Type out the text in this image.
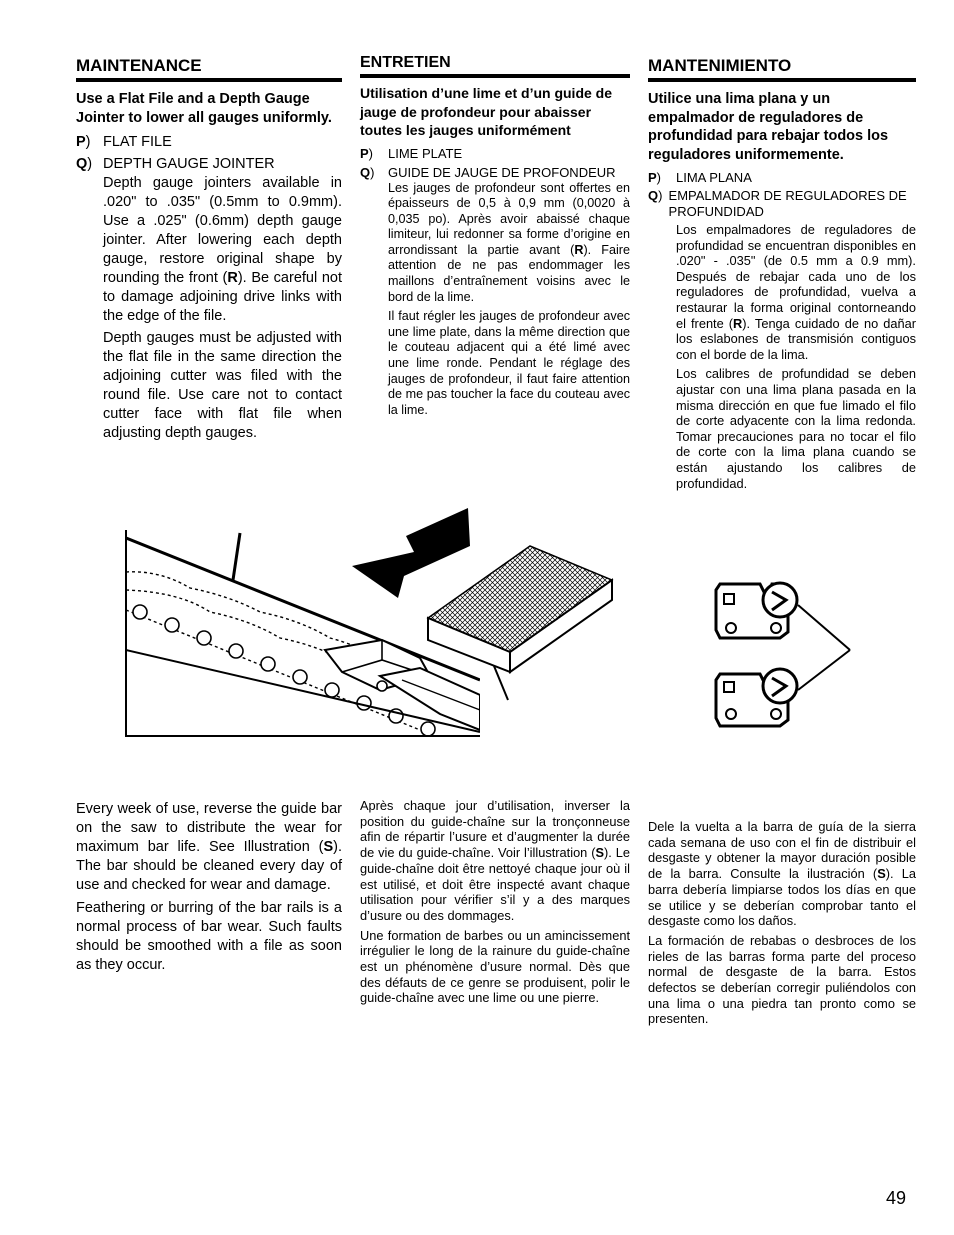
MAINTENANCE
Use a Flat File and a Depth Gauge Jointer to lower all gauges uniformly.
P) FLAT FILE
Q) DEPTH GAUGE JOINTER
Depth gauge jointers available in .020" to .035" (0.5mm to 0.9mm). Use a .025" (0.6mm) depth gauge jointer. After lowering each depth gauge, restore original shape by rounding the front (R). Be careful not to damage adjoining drive links with the edge of the file.
Depth gauges must be adjusted with the flat file in the same direction the adjoining cutter was filed with the round file. Use care not to contact cutter face with flat file when adjusting depth gauges.
ENTRETIEN
Utilisation d’une lime et d’un guide de jauge de profondeur pour abaisser toutes les jauges uniformément
P)	LIME PLATE
Q)	GUIDE DE JAUGE DE PROFONDEUR
Les jauges de profondeur sont offertes en épaisseurs de 0,5 à 0,9 mm (0,0020 à 0,035 po). Après avoir abaissé chaque limiteur, lui redonner sa forme d’origine en arrondissant la partie avant (R). Faire attention de ne pas endommager les maillons d’entraînement voisins avec le bord de la lime.
Il faut régler les jauges de profondeur avec une lime plate, dans la même direction que le couteau adjacent qui a été limé avec une lime ronde. Pendant le réglage des jauges de profondeur, il faut faire attention de me pas toucher la face du couteau avec la lime.
MANTENIMIENTO
Utilice una lima plana y un empalmador de reguladores de profundidad para rebajar todos los reguladores uniformemente.
P)	LIMA PLANA
Q) EMPALMADOR DE REGULADORES DE PROFUNDIDAD
Los empalmadores de reguladores de profundidad se encuentran disponibles en .020" - .035" (de 0.5 mm a 0.9 mm). Después de rebajar cada uno de los reguladores de profundidad, vuelva a restaurar la forma original contorneando el frente (R). Tenga cuidado de no dañar los eslabones de transmisión contiguos con el borde de la lima.
Los calibres de profundidad se deben ajustar con una lima plana pasada en la misma dirección en que fue limado el filo de corte adyacente con la lima redonda. Tomar precauciones para no tocar el filo de corte con la lima plana cuando se están ajustando los calibres de profundidad.
Every week of use, reverse the guide bar on the saw to distribute the wear for maximum bar life. See Illustration (S). The bar should be cleaned every day of use and checked for wear and damage.
Feathering or burring of the bar rails is a normal process of bar wear. Such faults should be smoothed with a file as soon as they occur.
Après chaque jour d’utilisation, inverser la position du guide-chaîne sur la tronçonneuse afin de répartir l’usure et d’augmenter la durée de vie du guide-chaîne. Voir l’illustration (S). Le guide-chaîne doit être nettoyé chaque jour où il est utilisé, et doit être inspecté avant chaque utilisation pour vérifier s’il y a des marques d’usure ou des dommages.
Une formation de barbes ou un amincissement irrégulier le long de la rainure du guide-chaîne est un phénomène d’usure normal. Dès que des défauts de ce genre se produisent, polir le guide-chaîne avec une lime ou une pierre.
Dele la vuelta a la barra de guía de la sierra cada semana de uso con el fin de distribuir el desgaste y obtener la mayor duración posible de la barra. Consulte la ilustración (S). La barra debería limpiarse todos los días en que se utilice y se deberían comprobar tanto el desgaste como los daños.
La formación de rebabas o desbroces de los rieles de las barras forma parte del proceso normal de desgaste de la barra. Estos defectos se deberían corregir puliéndolos con una lima o una piedra tan pronto como se presenten.
49
